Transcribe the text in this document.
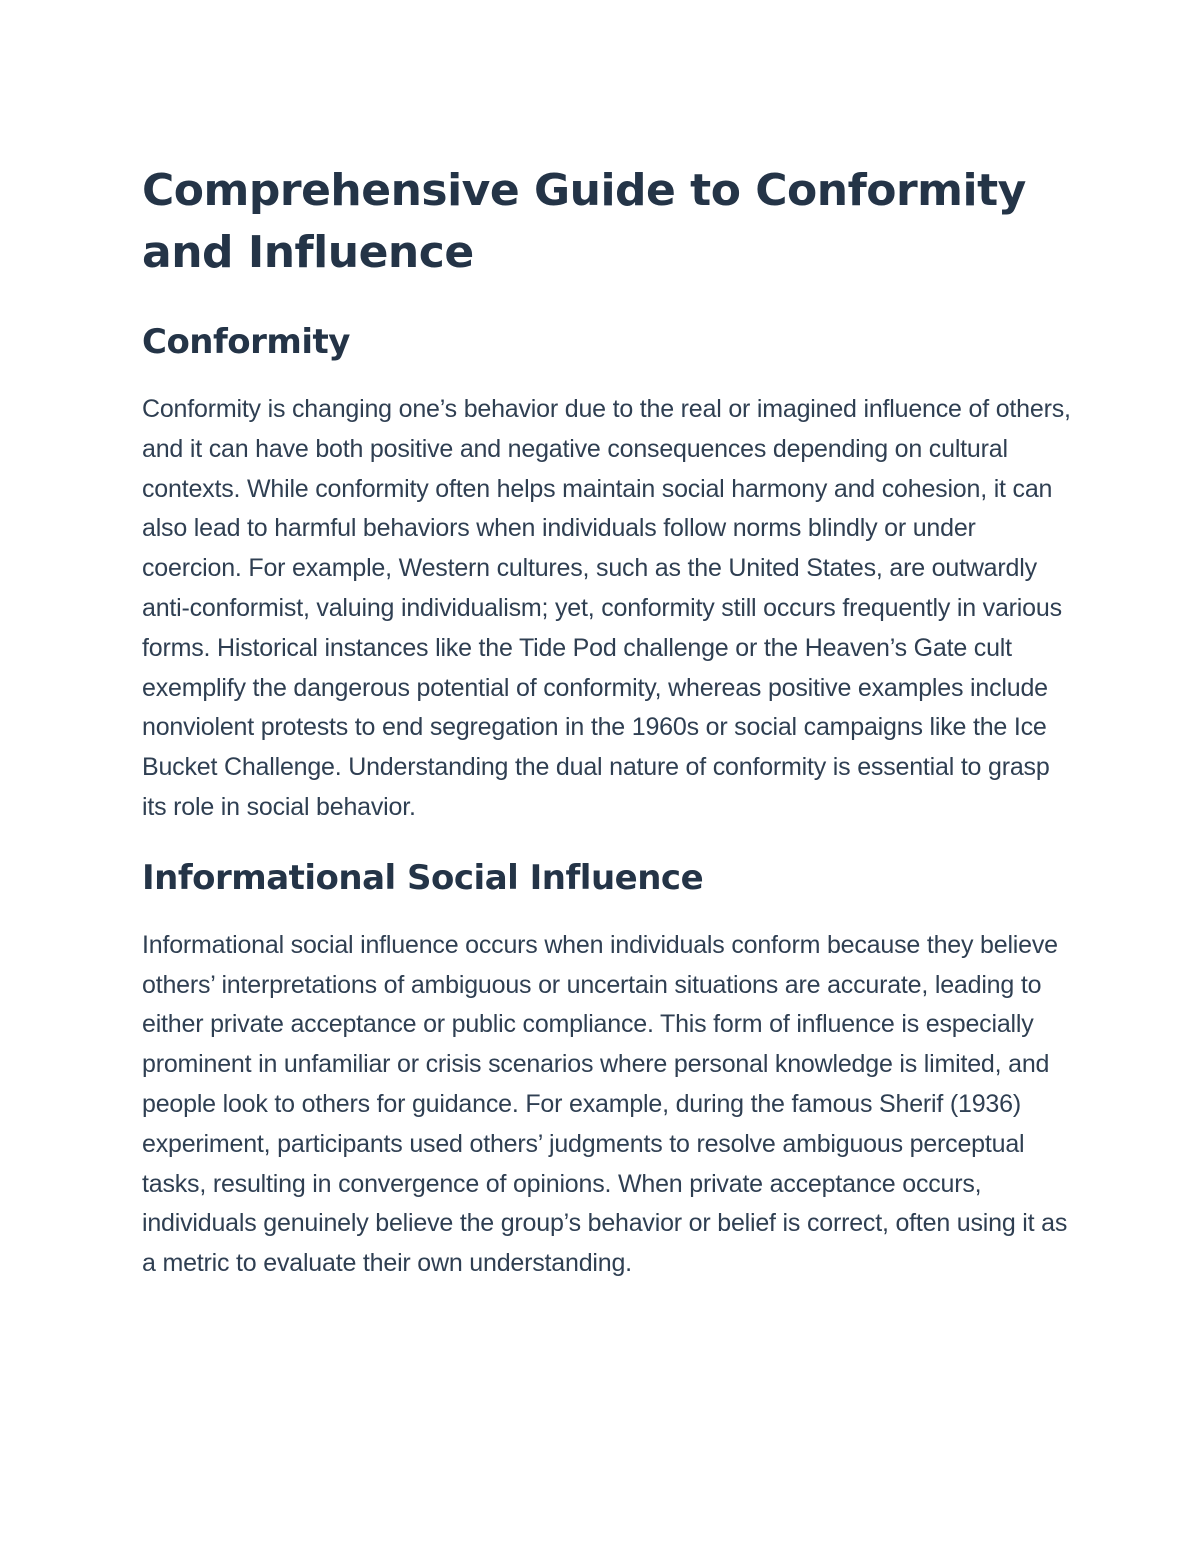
Comprehensive Guide to Conformity and Influence
Conformity

Conformity is changing one’s behavior due to the real or imagined influence of others, and it can have both positive and negative consequences depending on cultural contexts. While conformity often helps maintain social harmony and cohesion, it can also lead to harmful behaviors when individuals follow norms blindly or under coercion. For example, Western cultures, such as the United States, are outwardly anti-conformist, valuing individualism; yet, conformity still occurs frequently in various forms. Historical instances like the Tide Pod challenge or the Heaven’s Gate cult exemplify the dangerous potential of conformity, whereas positive examples include nonviolent protests to end segregation in the 1960s or social campaigns like the Ice Bucket Challenge. Understanding the dual nature of conformity is essential to grasp its role in social behavior.

Informational Social Influence

Informational social influence occurs when individuals conform because they believe others’ interpretations of ambiguous or uncertain situations are accurate, leading to either private acceptance or public compliance. This form of influence is especially prominent in unfamiliar or crisis scenarios where personal knowledge is limited, and people look to others for guidance. For example, during the famous Sherif (1936) experiment, participants used others’ judgments to resolve ambiguous perceptual tasks, resulting in convergence of opinions. When private acceptance occurs, individuals genuinely believe the group’s behavior or belief is correct, often using it as a metric to evaluate their own understanding.
